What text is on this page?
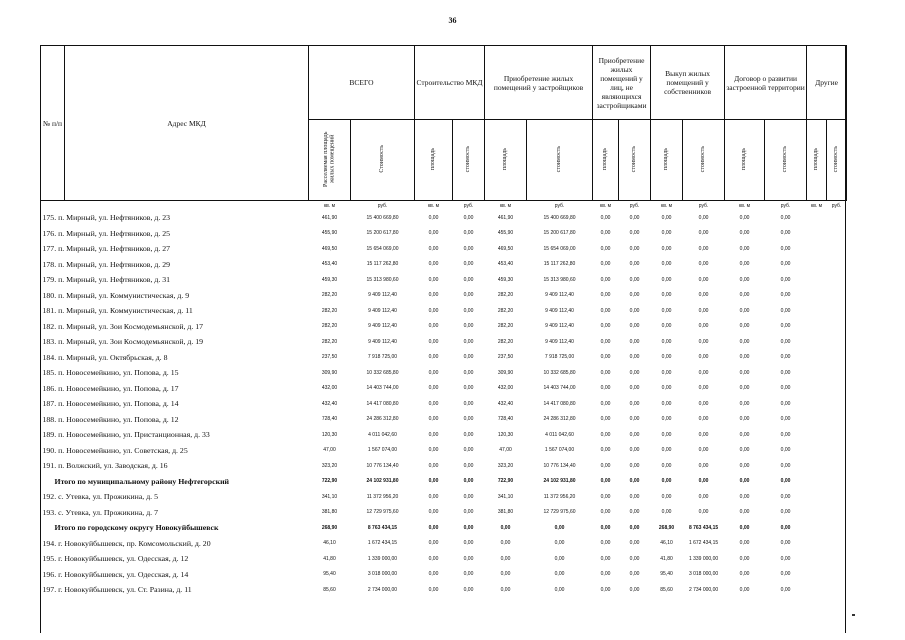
36
№ п/п	Адрес МКД	ВСЕГО		Строительство МКД		Приобретение жилых помещений у застройщиков		Приобретение жилых помещений у лиц, не являющихся застройщиками		Выкуп жилых помещений у собственников		Договор о развитии застроенной территории		Другие	
		Расселяемая площадь жилых помещений	Стоимость	площадь	стоимость	площадь	стоимость	площадь	стоимость	площадь	стоимость	площадь	стоимость	площадь	стоимость
		кв. м	руб.	кв. м	руб.	кв. м	руб.	кв. м	руб.	кв. м	руб.	кв. м	руб.	кв. м	руб.
175. п. Мирный, ул. Нефтяников, д. 23		461,90	15 400 669,80	0,00	0,00	461,90	15 400 669,80	0,00	0,00	0,00	0,00	0,00	0,00		
176. п. Мирный, ул. Нефтяников, д. 25		455,90	15 200 617,80	0,00	0,00	455,90	15 200 617,80	0,00	0,00	0,00	0,00	0,00	0,00		
177. п. Мирный, ул. Нефтяников, д. 27		469,50	15 654 069,00	0,00	0,00	469,50	15 654 069,00	0,00	0,00	0,00	0,00	0,00	0,00		
178. п. Мирный, ул. Нефтяников, д. 29		453,40	15 117 262,80	0,00	0,00	453,40	15 117 262,80	0,00	0,00	0,00	0,00	0,00	0,00		
179. п. Мирный, ул. Нефтяников, д. 31		459,30	15 313 980,60	0,00	0,00	459,30	15 313 980,60	0,00	0,00	0,00	0,00	0,00	0,00		
180. п. Мирный, ул. Коммунистическая, д. 9		282,20	9 409 112,40	0,00	0,00	282,20	9 409 112,40	0,00	0,00	0,00	0,00	0,00	0,00		
181. п. Мирный, ул. Коммунистическая, д. 11		282,20	9 409 112,40	0,00	0,00	282,20	9 409 112,40	0,00	0,00	0,00	0,00	0,00	0,00		
182. п. Мирный, ул. Зои Космодемьянской, д. 17		282,20	9 409 112,40	0,00	0,00	282,20	9 409 112,40	0,00	0,00	0,00	0,00	0,00	0,00		
183. п. Мирный, ул. Зои Космодемьянской, д. 19		282,20	9 409 112,40	0,00	0,00	282,20	9 409 112,40	0,00	0,00	0,00	0,00	0,00	0,00		
184. п. Мирный, ул. Октябрьская, д. 8		237,50	7 918 725,00	0,00	0,00	237,50	7 918 725,00	0,00	0,00	0,00	0,00	0,00	0,00		
185. п. Новосемейкино, ул. Попова, д. 15		309,90	10 332 685,80	0,00	0,00	309,90	10 332 685,80	0,00	0,00	0,00	0,00	0,00	0,00		
186. п. Новосемейкино, ул. Попова, д. 17		432,00	14 403 744,00	0,00	0,00	432,00	14 403 744,00	0,00	0,00	0,00	0,00	0,00	0,00		
187. п. Новосемейкино, ул. Попова, д. 14		432,40	14 417 080,80	0,00	0,00	432,40	14 417 080,80	0,00	0,00	0,00	0,00	0,00	0,00		
188. п. Новосемейкино, ул. Попова, д. 12		728,40	24 286 312,80	0,00	0,00	728,40	24 286 312,80	0,00	0,00	0,00	0,00	0,00	0,00		
189. п. Новосемейкино, ул. Пристанционная, д. 33		120,30	4 011 042,60	0,00	0,00	120,30	4 011 042,60	0,00	0,00	0,00	0,00	0,00	0,00		
190. п. Новосемейкино, ул. Советская, д. 25		47,00	1 567 074,00	0,00	0,00	47,00	1 567 074,00	0,00	0,00	0,00	0,00	0,00	0,00		
191. п. Волжский, ул. Заводская, д. 16		323,20	10 776 134,40	0,00	0,00	323,20	10 776 134,40	0,00	0,00	0,00	0,00	0,00	0,00		
Итого по муниципальному району Нефтегорский		722,90	24 102 931,80	0,00	0,00	722,90	24 102 931,80	0,00	0,00	0,00	0,00	0,00	0,00		
192. с. Утевка, ул. Прожикина, д. 5		341,10	11 372 956,20	0,00	0,00	341,10	11 372 956,20	0,00	0,00	0,00	0,00	0,00	0,00		
193. с. Утевка, ул. Прожикина, д. 7		381,80	12 729 975,60	0,00	0,00	381,80	12 729 975,60	0,00	0,00	0,00	0,00	0,00	0,00		
Итого по городскому округу Новокуйбышевск		268,90	8 763 434,15	0,00	0,00	0,00	0,00	0,00	0,00	268,90	8 763 434,15	0,00	0,00		
194. г. Новокуйбышевск, пр. Комсомольский, д. 20		46,10	1 672 434,15	0,00	0,00	0,00	0,00	0,00	0,00	46,10	1 672 434,15	0,00	0,00		
195. г. Новокуйбышевск, ул. Одесская, д. 12		41,80	1 339 000,00	0,00	0,00	0,00	0,00	0,00	0,00	41,80	1 339 000,00	0,00	0,00		
196. г. Новокуйбышевск, ул. Одесская, д. 14		95,40	3 018 000,00	0,00	0,00	0,00	0,00	0,00	0,00	95,40	3 018 000,00	0,00	0,00		
197. г. Новокуйбышевск, ул. Ст. Разина, д. 11		85,60	2 734 000,00	0,00	0,00	0,00	0,00	0,00	0,00	85,60	2 734 000,00	0,00	0,00		
